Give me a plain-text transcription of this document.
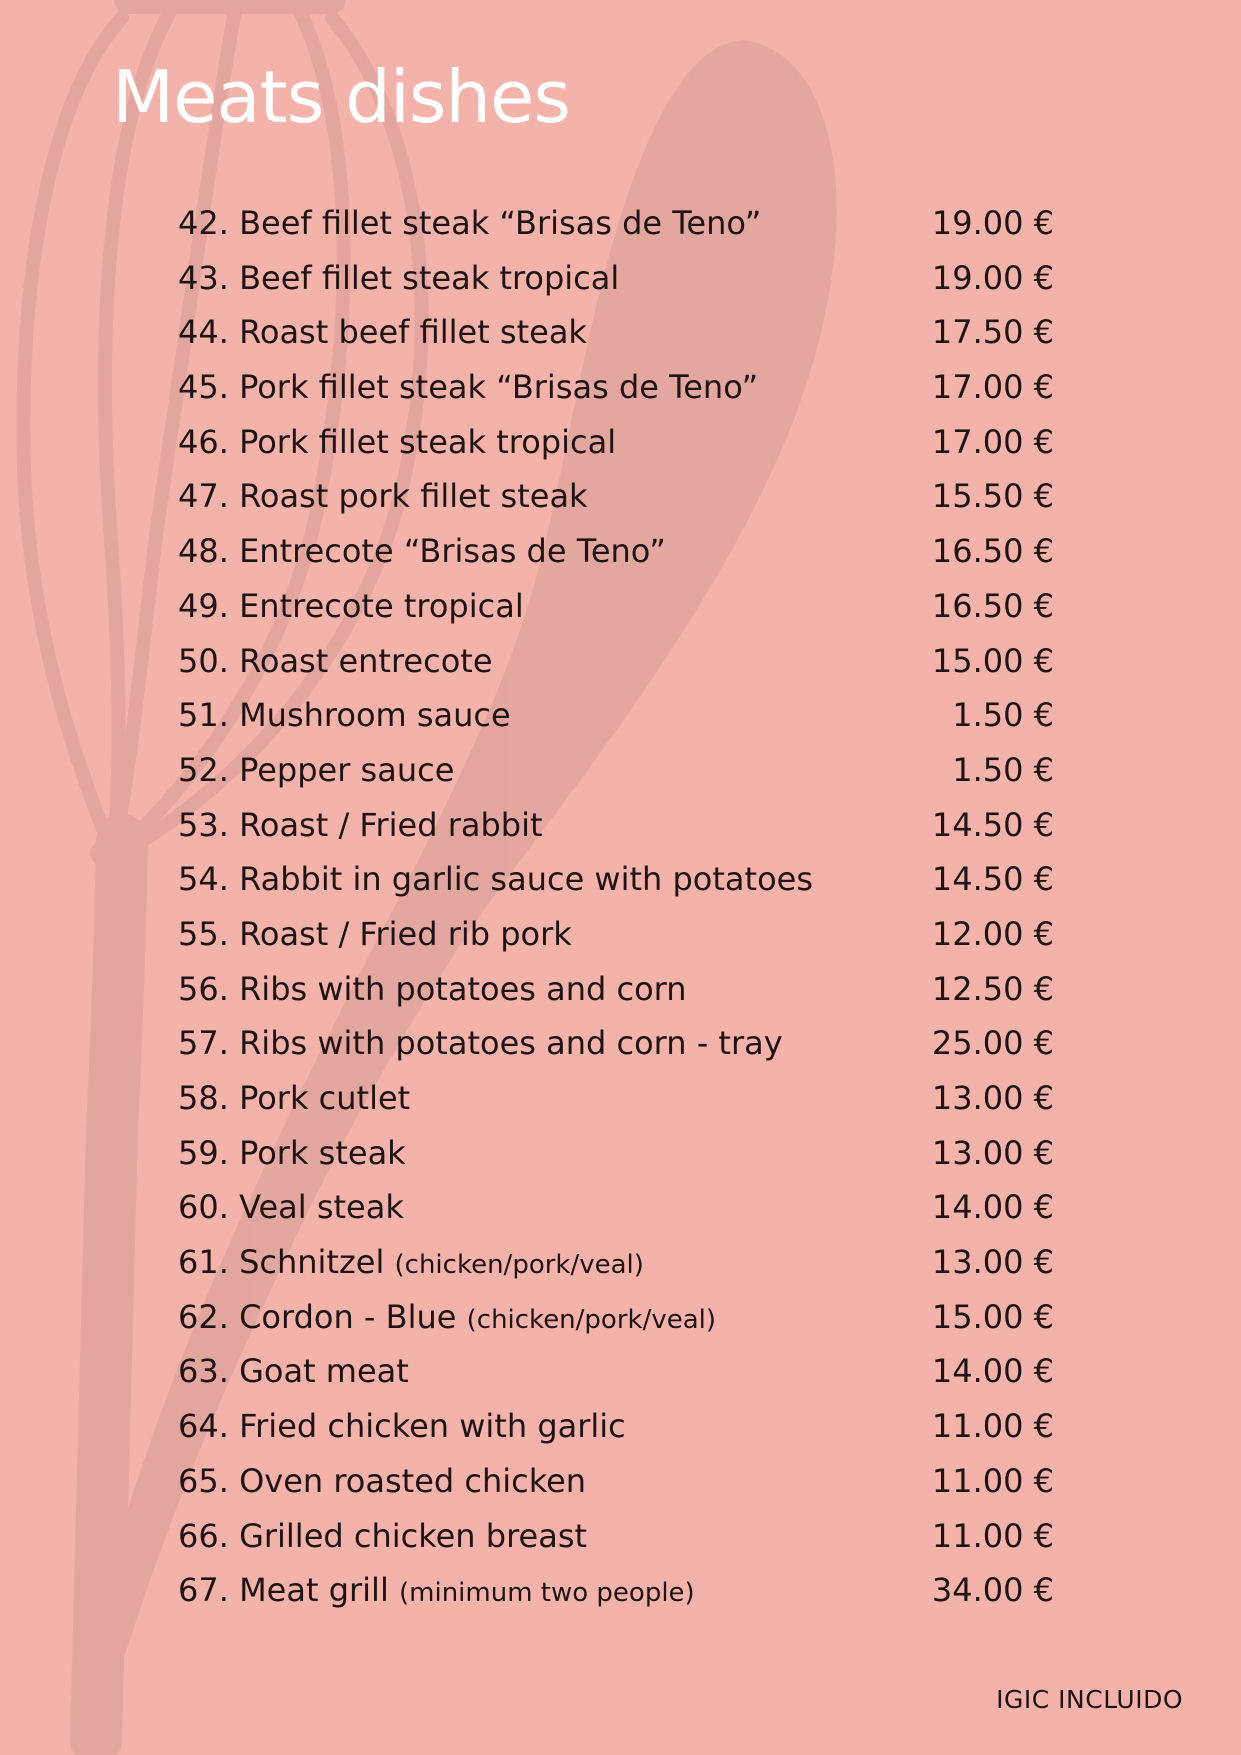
Meats dishes
42. Beef fillet steak “Brisas de Teno”	19.00 €
43. Beef fillet steak tropical	19.00 €
44. Roast beef fillet steak	17.50 €
45. Pork fillet steak “Brisas de Teno”	17.00 €
46. Pork fillet steak tropical	17.00 €
47. Roast pork fillet steak	15.50 €
48. Entrecote “Brisas de Teno”	16.50 €
49. Entrecote tropical	16.50 €
50. Roast entrecote	15.00 €
51. Mushroom sauce	1.50 €
52. Pepper sauce	1.50 €
53. Roast / Fried rabbit	14.50 €
54. Rabbit in garlic sauce with potatoes	14.50 €
55. Roast / Fried rib pork	12.00 €
56. Ribs with potatoes and corn	12.50 €
57. Ribs with potatoes and corn - tray	25.00 €
58. Pork cutlet	13.00 €
59. Pork steak	13.00 €
60. Veal steak	14.00 €
61. Schnitzel (chicken/pork/veal)	13.00 €
62. Cordon - Blue (chicken/pork/veal)	15.00 €
63. Goat meat	14.00 €
64. Fried chicken with garlic	11.00 €
65. Oven roasted chicken	11.00 €
66. Grilled chicken breast	11.00 €
67. Meat grill (minimum two people)	34.00 €

IGIC INCLUIDO
